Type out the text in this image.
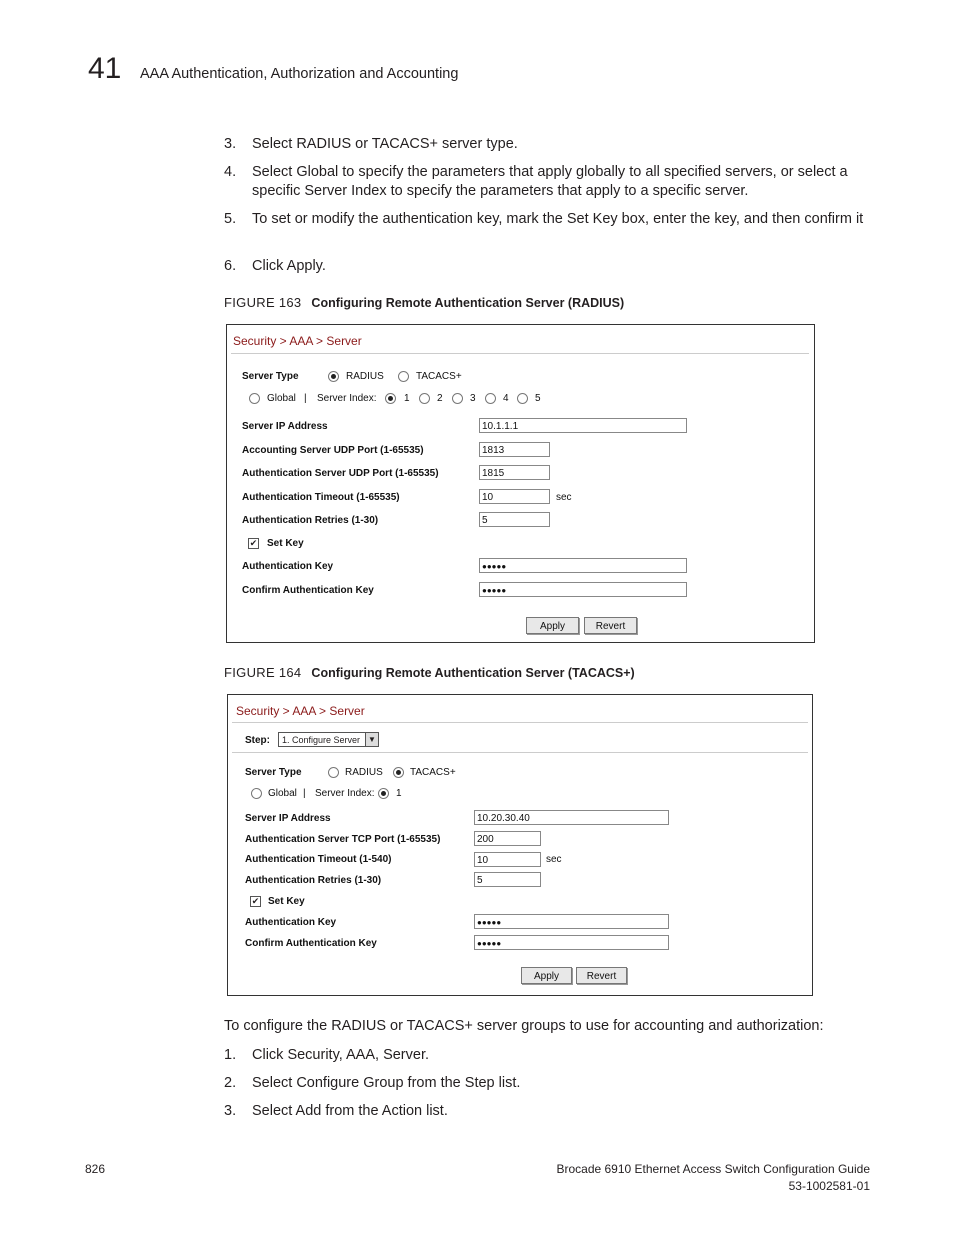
41 AAA Authentication, Authorization and Accounting
3.	Select RADIUS or TACACS+ server type.
4.	Select Global to specify the parameters that apply globally to all specified servers, or select a specific Server Index to specify the parameters that apply to a specific server.
5.	To set or modify the authentication key, mark the Set Key box, enter the key, and then confirm it
6.	Click Apply.
FIGURE 163 Configuring Remote Authentication Server (RADIUS)
Security > AAA > Server
Server Type	RADIUS	TACACS+
Global | Server Index:	1	2	3	4	5
Server IP Address	10.1.1.1
Accounting Server UDP Port (1-65535)	1813
Authentication Server UDP Port (1-65535)	1815
Authentication Timeout (1-65535)	10	sec
Authentication Retries (1-30)	5
✔ Set Key
Authentication Key	●●●●●
Confirm Authentication Key	●●●●●
Apply	Revert
FIGURE 164 Configuring Remote Authentication Server (TACACS+)
Security > AAA > Server
Step:	1. Configure Server ▼
Server Type	RADIUS	TACACS+
Global | Server Index: 1
Server IP Address	10.20.30.40
Authentication Server TCP Port (1-65535)	200
Authentication Timeout (1-540)	10	sec
Authentication Retries (1-30)	5
✔ Set Key
Authentication Key	●●●●●
Confirm Authentication Key	●●●●●
Apply	Revert
To configure the RADIUS or TACACS+ server groups to use for accounting and authorization:
1.	Click Security, AAA, Server.
2.	Select Configure Group from the Step list.
3.	Select Add from the Action list.
826	Brocade 6910 Ethernet Access Switch Configuration Guide
53-1002581-01
